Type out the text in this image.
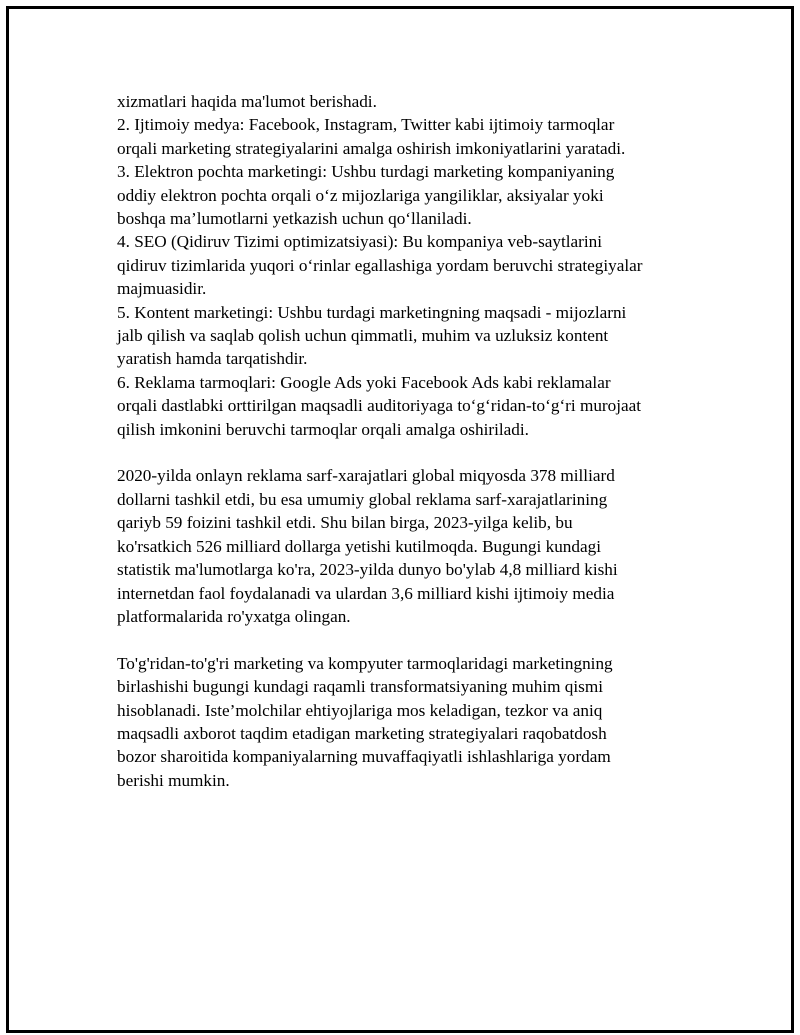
xizmatlari haqida ma'lumot berishadi.
2. Ijtimoiy medya: Facebook, Instagram, Twitter kabi ijtimoiy tarmoqlar
orqali marketing strategiyalarini amalga oshirish imkoniyatlarini yaratadi.
3. Elektron pochta marketingi: Ushbu turdagi marketing kompaniyaning
oddiy elektron pochta orqali o‘z mijozlariga yangiliklar, aksiyalar yoki
boshqa ma’lumotlarni yetkazish uchun qo‘llaniladi.
4. SEO (Qidiruv Tizimi optimizatsiyasi): Bu kompaniya veb-saytlarini
qidiruv tizimlarida yuqori o‘rinlar egallashiga yordam beruvchi strategiyalar
majmuasidir.
5. Kontent marketingi: Ushbu turdagi marketingning maqsadi - mijozlarni
jalb qilish va saqlab qolish uchun qimmatli, muhim va uzluksiz kontent
yaratish hamda tarqatishdir.
6. Reklama tarmoqlari: Google Ads yoki Facebook Ads kabi reklamalar
orqali dastlabki orttirilgan maqsadli auditoriyaga to‘g‘ridan-to‘g‘ri murojaat
qilish imkonini beruvchi tarmoqlar orqali amalga oshiriladi.

2020-yilda onlayn reklama sarf-xarajatlari global miqyosda 378 milliard
dollarni tashkil etdi, bu esa umumiy global reklama sarf-xarajatlarining
qariyb 59 foizini tashkil etdi. Shu bilan birga, 2023-yilga kelib, bu
ko'rsatkich 526 milliard dollarga yetishi kutilmoqda. Bugungi kundagi
statistik ma'lumotlarga ko'ra, 2023-yilda dunyo bo'ylab 4,8 milliard kishi
internetdan faol foydalanadi va ulardan 3,6 milliard kishi ijtimoiy media
platformalarida ro'yxatga olingan.

To'g'ridan-to'g'ri marketing va kompyuter tarmoqlaridagi marketingning
birlashishi bugungi kundagi raqamli transformatsiyaning muhim qismi
hisoblanadi. Iste’molchilar ehtiyojlariga mos keladigan, tezkor va aniq
maqsadli axborot taqdim etadigan marketing strategiyalari raqobatdosh
bozor sharoitida kompaniyalarning muvaffaqiyatli ishlashlariga yordam
berishi mumkin.
